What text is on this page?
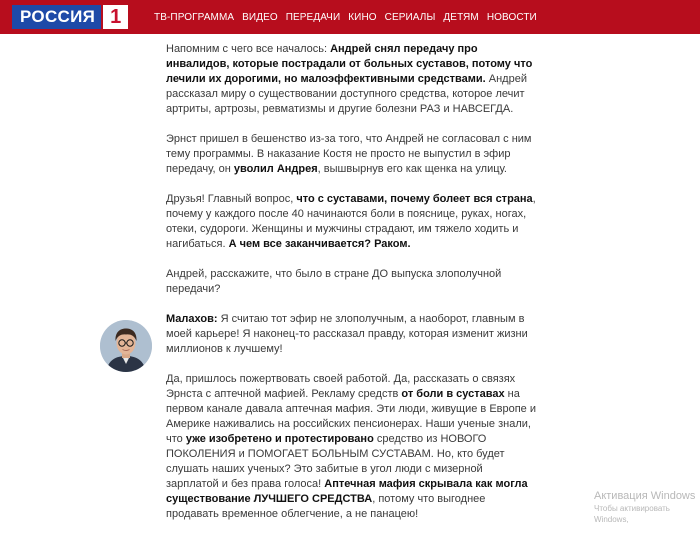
РОССИЯ 1	ТВ-ПРОГРАММА ВИДЕО ПЕРЕДАЧИ КИНО СЕРИАЛЫ ДЕТЯМ НОВОСТИ

Напомним с чего все началось: Андрей снял передачу про инвалидов, которые пострадали от больных суставов, потому что лечили их дорогими, но малоэффективными средствами. Андрей рассказал миру о существовании доступного средства, которое лечит артриты, артрозы, ревматизмы и другие болезни РАЗ и НАВСЕГДА.

Эрнст пришел в бешенство из-за того, что Андрей не согласовал с ним тему программы. В наказание Костя не просто не выпустил в эфир передачу, он уволил Андрея, вышвырнув его как щенка на улицу.

Друзья! Главный вопрос, что с суставами, почему болеет вся страна, почему у каждого после 40 начинаются боли в пояснице, руках, ногах, отеки, судороги. Женщины и мужчины страдают, им тяжело ходить и нагибаться. А чем все заканчивается? Раком.

Андрей, расскажите, что было в стране ДО выпуска злополучной передачи?

Малахов: Я считаю тот эфир не злополучным, а наоборот, главным в моей карьере! Я наконец-то рассказал правду, которая изменит жизни миллионов к лучшему!

Да, пришлось пожертвовать своей работой. Да, рассказать о связях Эрнста с аптечной мафией. Рекламу средств от боли в суставах на первом канале давала аптечная мафия. Эти люди, живущие в Европе и Америке наживались на российских пенсионерах. Наши ученые знали, что уже изобретено и протестировано средство из НОВОГО ПОКОЛЕНИЯ и ПОМОГАЕТ БОЛЬНЫМ СУСТАВАМ. Но, кто будет слушать наших ученых? Это забитые в угол люди с мизерной зарплатой и без права голоса! Аптечная мафия скрывала как могла существование ЛУЧШЕГО СРЕДСТВА, потому что выгоднее продавать временное облегчение, а не панацею!

Активация Windows
Чтобы активировать Windows,
